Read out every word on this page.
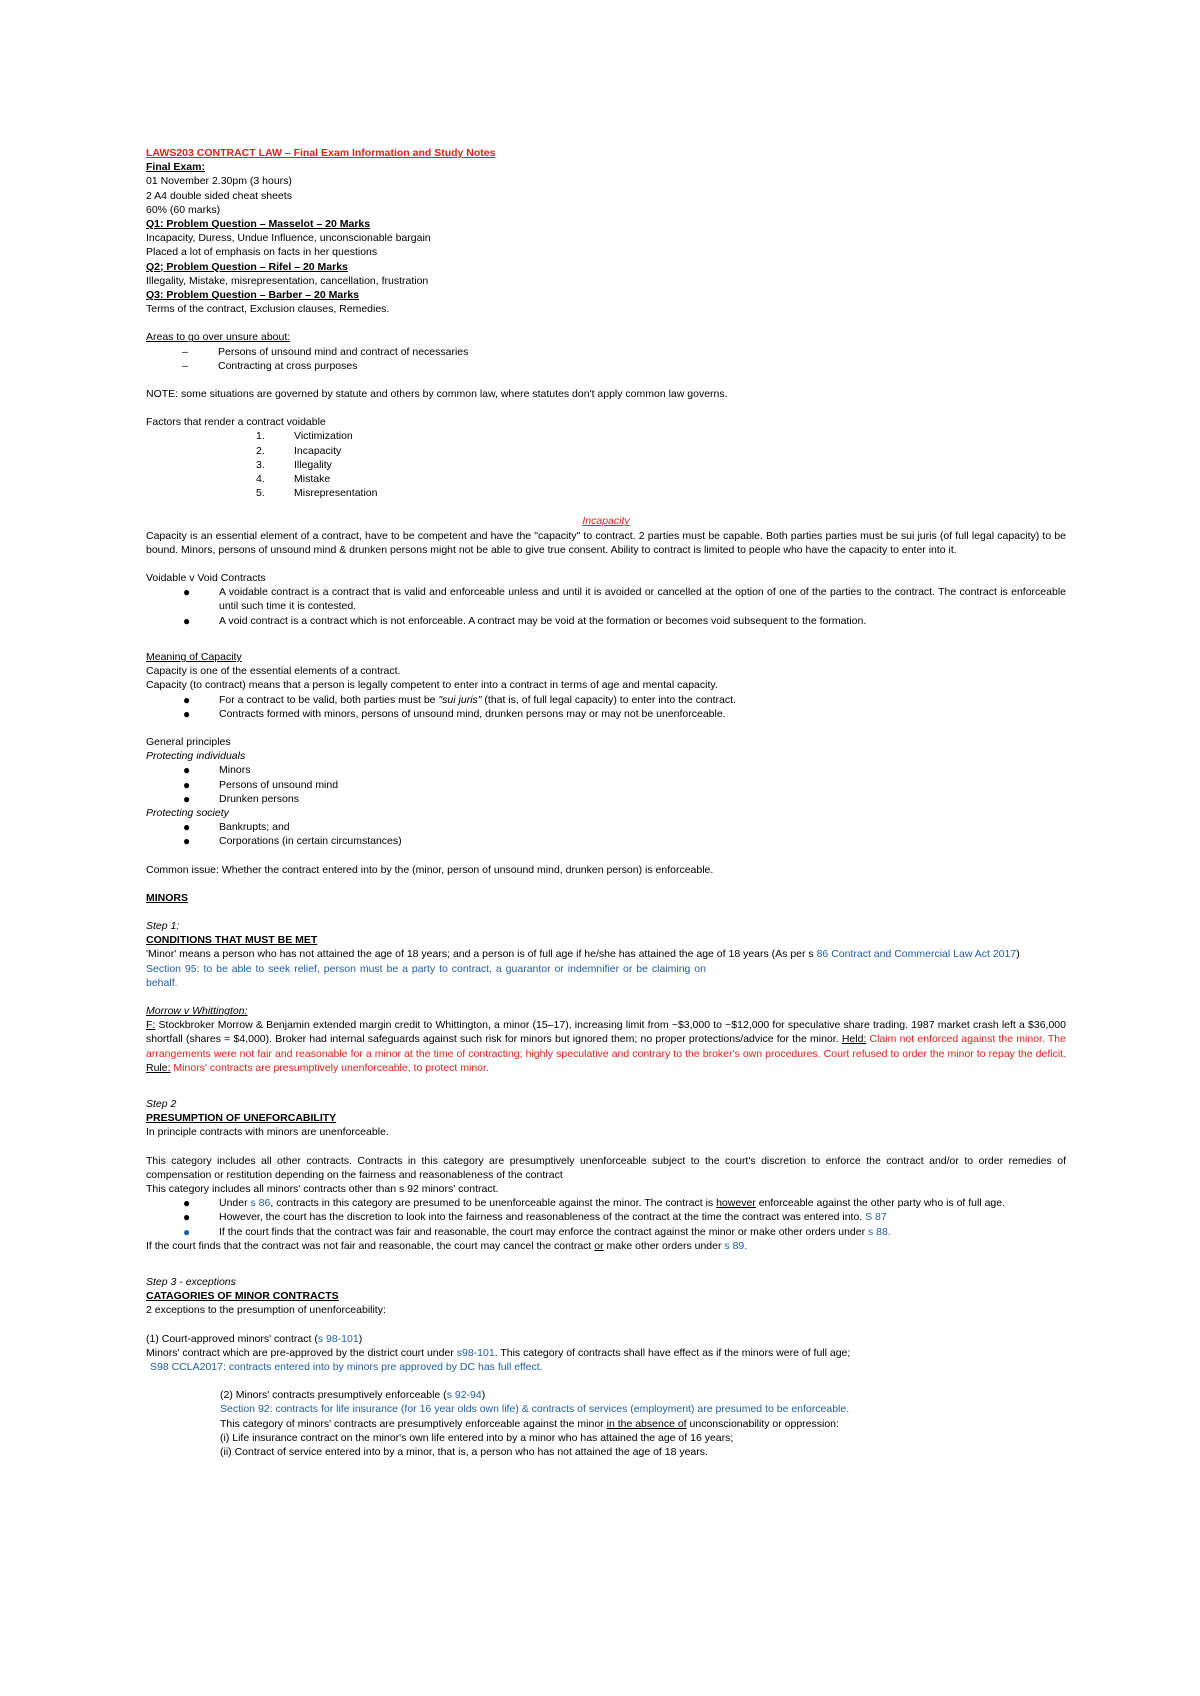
LAWS203 CONTRACT LAW – Final Exam Information and Study Notes
Final Exam:
01 November 2.30pm (3 hours)
2 A4 double sided cheat sheets
60% (60 marks)
Q1: Problem Question – Masselot – 20 Marks
Incapacity, Duress, Undue Influence, unconscionable bargain
Placed a lot of emphasis on facts in her questions
Q2; Problem Question – Rifel – 20 Marks
Illegality, Mistake, misrepresentation, cancellation, frustration
Q3: Problem Question – Barber – 20 Marks
Terms of the contract, Exclusion clauses, Remedies.
Areas to go over unsure about:
– Persons of unsound mind and contract of necessaries
– Contracting at cross purposes
NOTE: some situations are governed by statute and others by common law, where statutes don't apply common law governs.
Factors that render a contract voidable
1.	Victimization
2.	Incapacity
3.	Illegality
4.	Mistake
5.	Misrepresentation
Incapacity
Capacity is an essential element of a contract, have to be competent and have the "capacity" to contract. 2 parties must be capable. Both parties parties must be sui juris (of full legal capacity) to be bound. Minors, persons of unsound mind & drunken persons might not be able to give true consent. Ability to contract is limited to people who have the capacity to enter into it.
Voidable v Void Contracts
●	A voidable contract is a contract that is valid and enforceable unless and until it is avoided or cancelled at the option of one of the parties to the contract. The contract is enforceable until such time it is contested.
●	A void contract is a contract which is not enforceable. A contract may be void at the formation or becomes void subsequent to the formation.
Meaning of Capacity
Capacity is one of the essential elements of a contract.
Capacity (to contract) means that a person is legally competent to enter into a contract in terms of age and mental capacity.
●	For a contract to be valid, both parties must be "sui juris" (that is, of full legal capacity) to enter into the contract.
●	Contracts formed with minors, persons of unsound mind, drunken persons may or may not be unenforceable.
General principles
Protecting individuals
●	Minors
●	Persons of unsound mind
●	Drunken persons
Protecting society
●	Bankrupts; and
●	Corporations (in certain circumstances)
Common issue: Whether the contract entered into by the (minor, person of unsound mind, drunken person) is enforceable.
MINORS
Step 1:
CONDITIONS THAT MUST BE MET
'Minor' means a person who has not attained the age of 18 years; and a person is of full age if he/she has attained the age of 18 years (As per s 86 Contract and Commercial Law Act 2017)
Section 95: to be able to seek relief, person must be a party to contract, a guarantor or indemnifier or be claiming on behalf.
Morrow v Whittington:
F: Stockbroker Morrow & Benjamin extended margin credit to Whittington, a minor (15–17), increasing limit from ~$3,000 to ~$12,000 for speculative share trading. 1987 market crash left a $36,000 shortfall (shares = $4,000). Broker had internal safeguards against such risk for minors but ignored them; no proper protections/advice for the minor. Held: Claim not enforced against the minor. The arrangements were not fair and reasonable for a minor at the time of contracting; highly speculative and contrary to the broker's own procedures. Court refused to order the minor to repay the deficit. Rule: Minors' contracts are presumptively unenforceable, to protect minor.
Step 2
PRESUMPTION OF UNEFORCABILITY
In principle contracts with minors are unenforceable.
This category includes all other contracts. Contracts in this category are presumptively unenforceable subject to the court's discretion to enforce the contract and/or to order remedies of compensation or restitution depending on the fairness and reasonableness of the contract
This category includes all minors' contracts other than s 92 minors' contract.
●	Under s 86, contracts in this category are presumed to be unenforceable against the minor. The contract is however enforceable against the other party who is of full age.
●	However, the court has the discretion to look into the fairness and reasonableness of the contract at the time the contract was entered into. S 87
●	If the court finds that the contract was fair and reasonable, the court may enforce the contract against the minor or make other orders under s 88.
If the court finds that the contract was not fair and reasonable, the court may cancel the contract or make other orders under s 89.
Step 3 - exceptions
CATAGORIES OF MINOR CONTRACTS
2 exceptions to the presumption of unenforceability:
(1) Court-approved minors' contract (s 98-101)
Minors' contract which are pre-approved by the district court under s98-101. This category of contracts shall have effect as if the minors were of full age;
S98 CCLA2017: contracts entered into by minors pre approved by DC has full effect.
(2) Minors' contracts presumptively enforceable (s 92-94)
Section 92: contracts for life insurance (for 16 year olds own life) & contracts of services (employment) are presumed to be enforceable.
This category of minors' contracts are presumptively enforceable against the minor in the absence of unconscionability or oppression:
(i) Life insurance contract on the minor's own life entered into by a minor who has attained the age of 16 years;
(ii) Contract of service entered into by a minor, that is, a person who has not attained the age of 18 years.
